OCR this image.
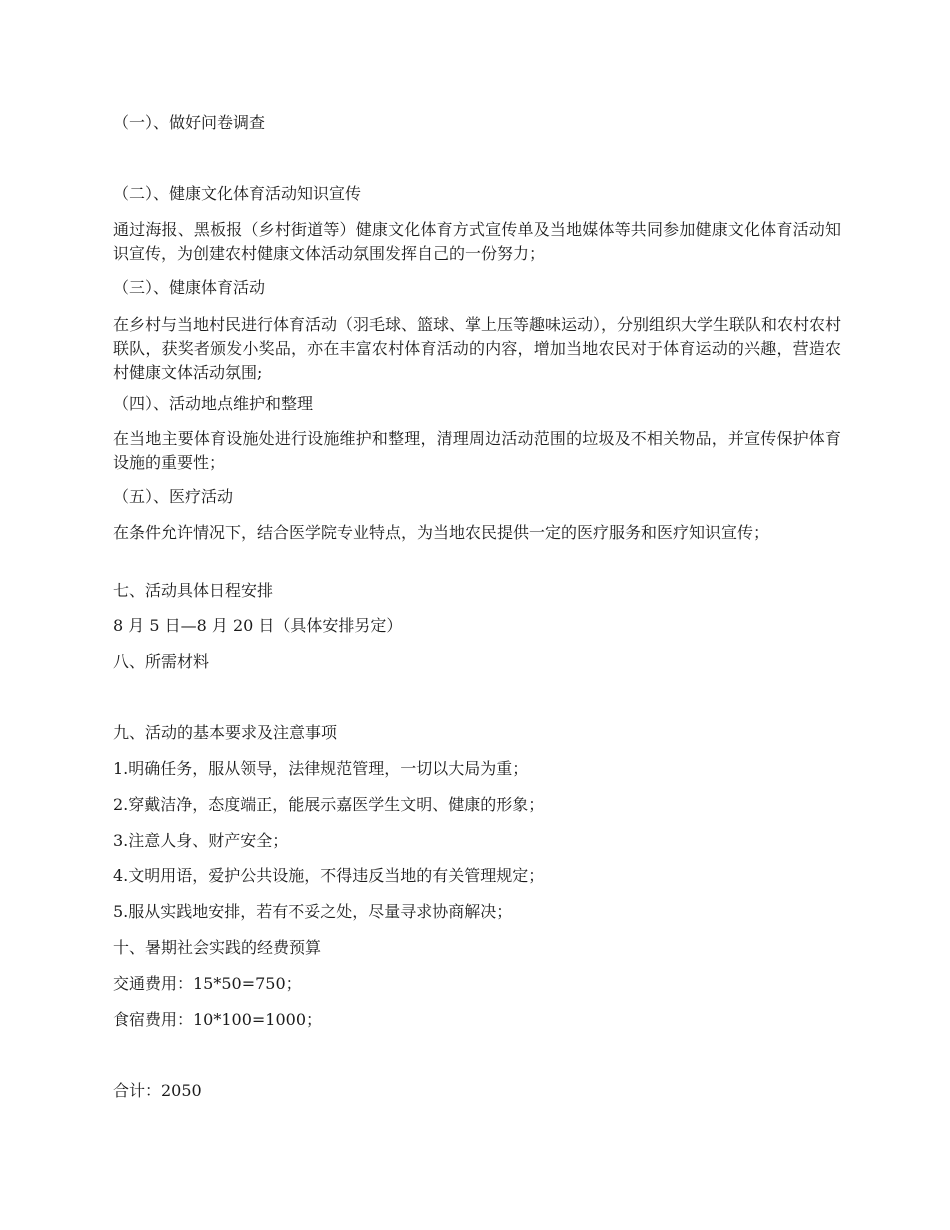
（一）、做好问卷调查
（二）、健康文化体育活动知识宣传
通过海报、黑板报（乡村街道等）健康文化体育方式宣传单及当地媒体等共同参加健康文化体育活动知识宣传，为创建农村健康文体活动氛围发挥自己的一份努力；
（三）、健康体育活动
在乡村与当地村民进行体育活动（羽毛球、篮球、掌上压等趣味运动），分别组织大学生联队和农村农村联队，获奖者颁发小奖品，亦在丰富农村体育活动的内容，增加当地农民对于体育运动的兴趣，营造农村健康文体活动氛围;
（四）、活动地点维护和整理
在当地主要体育设施处进行设施维护和整理，清理周边活动范围的垃圾及不相关物品，并宣传保护体育设施的重要性；
（五）、医疗活动
在条件允许情况下，结合医学院专业特点，为当地农民提供一定的医疗服务和医疗知识宣传；
七、活动具体日程安排
8 月 5 日—8 月 20 日（具体安排另定）
八、所需材料
九、活动的基本要求及注意事项
1.明确任务，服从领导，法律规范管理，一切以大局为重；
2.穿戴洁净，态度端正，能展示嘉医学生文明、健康的形象；
3.注意人身、财产安全；
4.文明用语，爱护公共设施，不得违反当地的有关管理规定；
5.服从实践地安排，若有不妥之处，尽量寻求协商解决；
十、暑期社会实践的经费预算
交通费用：15*50=750；
食宿费用：10*100=1000；
合计：2050
